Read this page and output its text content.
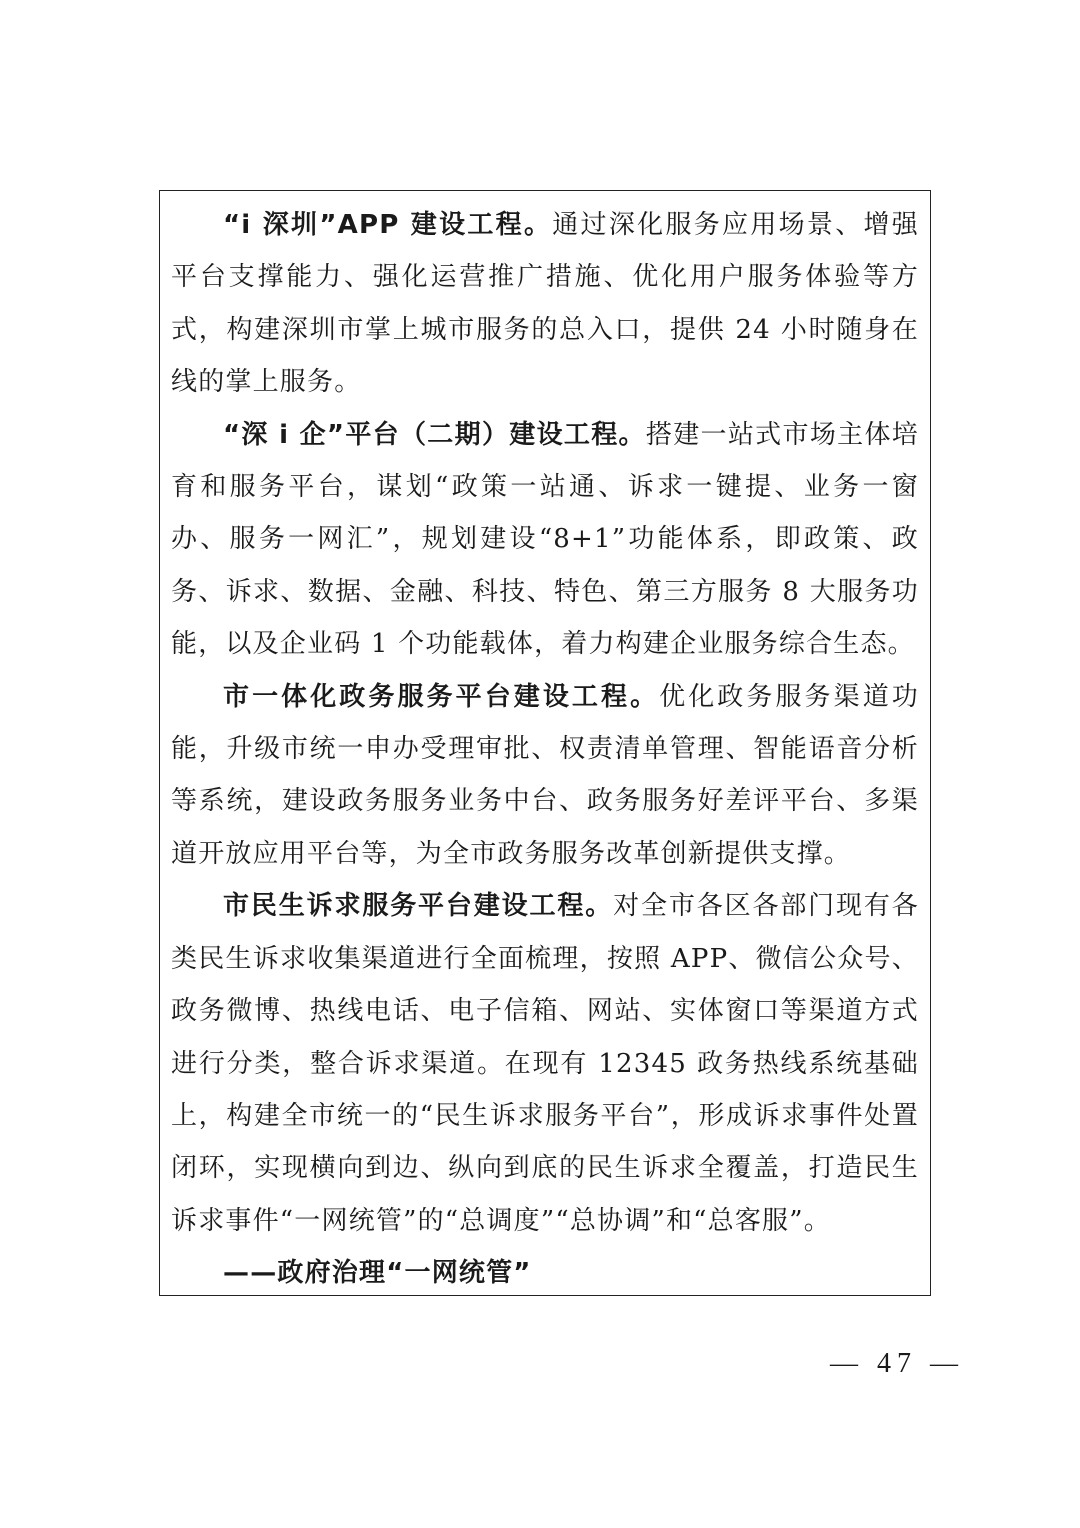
“i 深圳”APP 建设工程。通过深化服务应用场景、增强平台支撑能力、强化运营推广措施、优化用户服务体验等方式，构建深圳市掌上城市服务的总入口，提供 24 小时随身在线的掌上服务。

“深 i 企”平台（二期）建设工程。搭建一站式市场主体培育和服务平台，谋划“政策一站通、诉求一键提、业务一窗办、服务一网汇”，规划建设“8+1”功能体系，即政策、政务、诉求、数据、金融、科技、特色、第三方服务 8 大服务功能，以及企业码 1 个功能载体，着力构建企业服务综合生态。

市一体化政务服务平台建设工程。优化政务服务渠道功能，升级市统一申办受理审批、权责清单管理、智能语音分析等系统，建设政务服务业务中台、政务服务好差评平台、多渠道开放应用平台等，为全市政务服务改革创新提供支撑。

市民生诉求服务平台建设工程。对全市各区各部门现有各类民生诉求收集渠道进行全面梳理，按照 APP、微信公众号、政务微博、热线电话、电子信箱、网站、实体窗口等渠道方式进行分类，整合诉求渠道。在现有 12345 政务热线系统基础上，构建全市统一的“民生诉求服务平台”，形成诉求事件处置闭环，实现横向到边、纵向到底的民生诉求全覆盖，打造民生诉求事件“一网统管”的“总调度”“总协调”和“总客服”。

——政府治理“一网统管”

— 47 —
